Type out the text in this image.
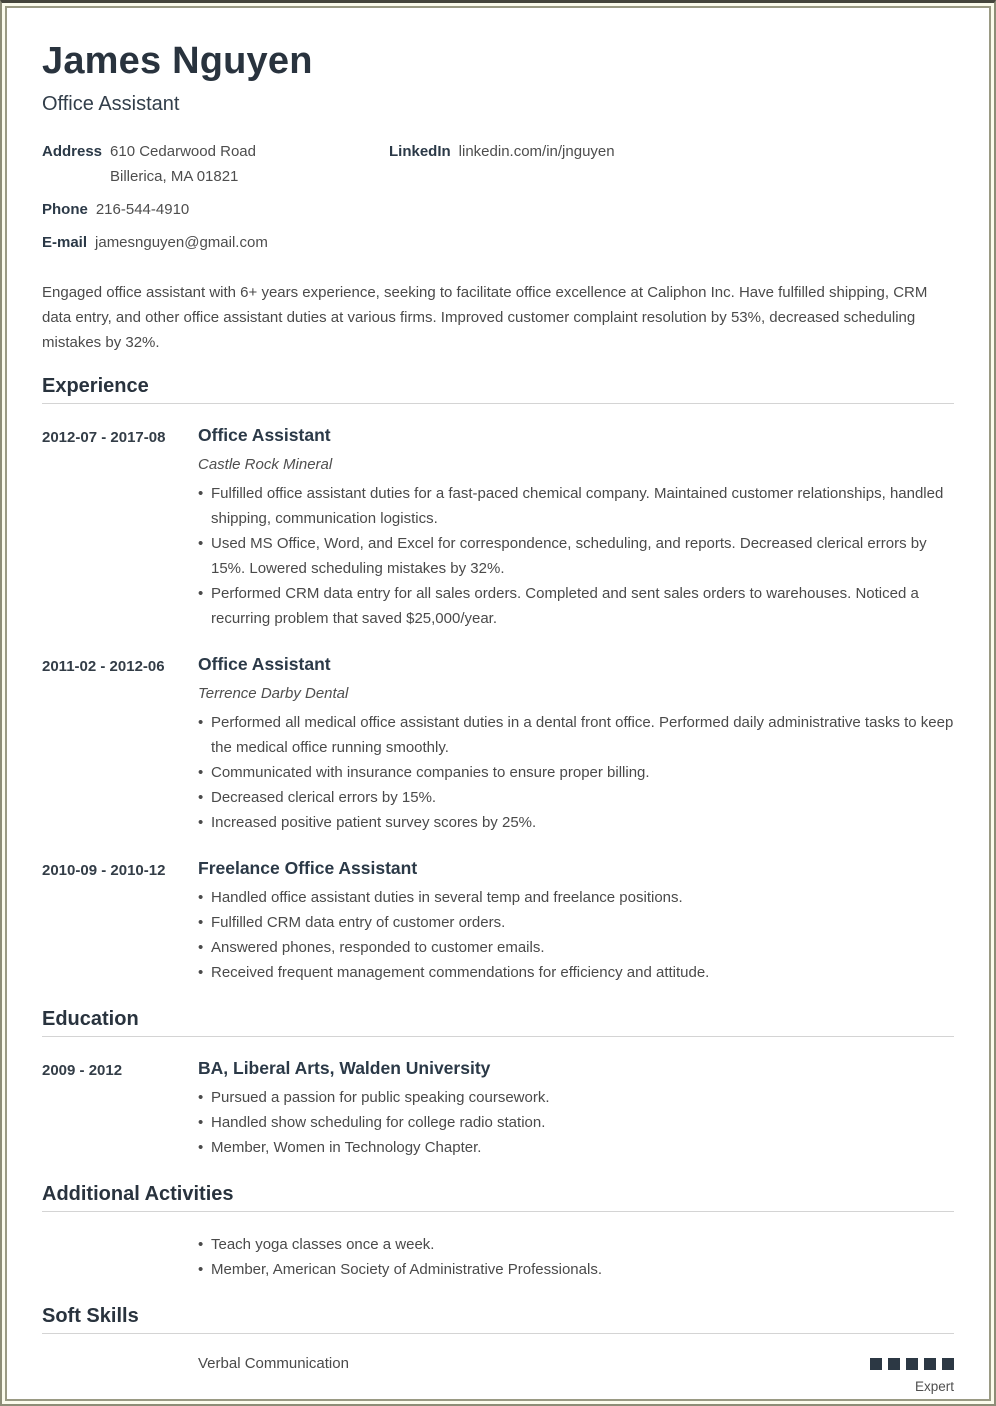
James Nguyen
Office Assistant
Address 610 Cedarwood Road
Billerica, MA 01821
Phone 216-544-4910
E-mail jamesnguyen@gmail.com
LinkedIn linkedin.com/in/jnguyen
Engaged office assistant with 6+ years experience, seeking to facilitate office excellence at Caliphon Inc. Have fulfilled shipping, CRM data entry, and other office assistant duties at various firms. Improved customer complaint resolution by 53%, decreased scheduling mistakes by 32%.
Experience
2012-07 - 2017-08	Office Assistant
Castle Rock Mineral
• Fulfilled office assistant duties for a fast-paced chemical company. Maintained customer relationships, handled shipping, communication logistics.
• Used MS Office, Word, and Excel for correspondence, scheduling, and reports. Decreased clerical errors by 15%. Lowered scheduling mistakes by 32%.
• Performed CRM data entry for all sales orders. Completed and sent sales orders to warehouses. Noticed a recurring problem that saved $25,000/year.
2011-02 - 2012-06	Office Assistant
Terrence Darby Dental
• Performed all medical office assistant duties in a dental front office. Performed daily administrative tasks to keep the medical office running smoothly.
• Communicated with insurance companies to ensure proper billing.
• Decreased clerical errors by 15%.
• Increased positive patient survey scores by 25%.
2010-09 - 2010-12	Freelance Office Assistant
• Handled office assistant duties in several temp and freelance positions.
• Fulfilled CRM data entry of customer orders.
• Answered phones, responded to customer emails.
• Received frequent management commendations for efficiency and attitude.
Education
2009 - 2012	BA, Liberal Arts, Walden University
• Pursued a passion for public speaking coursework.
• Handled show scheduling for college radio station.
• Member, Women in Technology Chapter.
Additional Activities
• Teach yoga classes once a week.
• Member, American Society of Administrative Professionals.
Soft Skills
Verbal Communication
Expert
